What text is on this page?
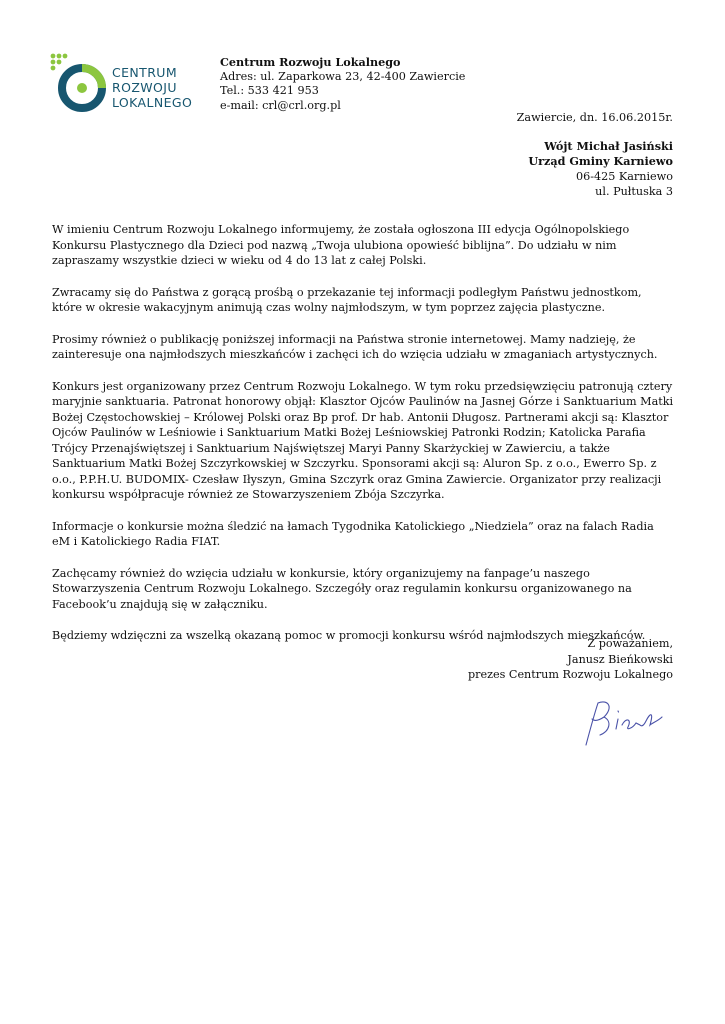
CENTRUM
ROZWOJU
LOKALNEGO
Centrum Rozwoju Lokalnego
Adres: ul. Zaparkowa 23, 42-400 Zawiercie
Tel.: 533 421 953
e-mail: crl@crl.org.pl
Zawiercie, dn. 16.06.2015r.
Wójt Michał Jasiński
Urząd Gminy Karniewo
06-425 Karniewo
ul. Pułtuska 3

W imieniu Centrum Rozwoju Lokalnego informujemy, że została ogłoszona III edycja Ogólnopolskiego Konkursu Plastycznego dla Dzieci pod nazwą „Twoja ulubiona opowieść biblijna”. Do udziału w nim zapraszamy wszystkie dzieci w wieku od 4 do 13 lat z całej Polski.

Zwracamy się do Państwa z gorącą prośbą o przekazanie tej informacji podległym Państwu jednostkom, które w okresie wakacyjnym animują czas wolny najmłodszym, w tym poprzez zajęcia plastyczne.

Prosimy również o publikację poniższej informacji na Państwa stronie internetowej. Mamy nadzieję, że zainteresuje ona najmłodszych mieszkańców i zachęci ich do wzięcia udziału w zmaganiach artystycznych.

Konkurs jest organizowany przez Centrum Rozwoju Lokalnego. W tym roku przedsięwzięciu patronują cztery maryjnie sanktuaria. Patronat honorowy objął: Klasztor Ojców Paulinów na Jasnej Górze i Sanktuarium Matki Bożej Częstochowskiej – Królowej Polski oraz Bp prof. Dr hab. Antonii Długosz. Partnerami akcji są: Klasztor Ojców Paulinów w Leśniowie i Sanktuarium Matki Bożej Leśniowskiej Patronki Rodzin; Katolicka Parafia Trójcy Przenajświętszej i Sanktuarium Najświętszej Maryi Panny Skarżyckiej w Zawierciu, a także Sanktuarium Matki Bożej Szczyrkowskiej w Szczyrku. Sponsorami akcji są: Aluron Sp. z o.o., Ewerro Sp. z o.o., P.P.H.U. BUDOMIX- Czesław Iłyszyn, Gmina Szczyrk oraz Gmina Zawiercie. Organizator przy realizacji konkursu współpracuje również ze Stowarzyszeniem Zbója Szczyrka.

Informacje o konkursie można śledzić na łamach Tygodnika Katolickiego „Niedziela” oraz na falach Radia eM i Katolickiego Radia FIAT.

Zachęcamy również do wzięcia udziału w konkursie, który organizujemy na fanpage’u naszego Stowarzyszenia Centrum Rozwoju Lokalnego. Szczegóły oraz regulamin konkursu organizowanego na Facebook’u znajdują się w załączniku.

Będziemy wdzięczni za wszelką okazaną pomoc w promocji konkursu wśród najmłodszych mieszkańców.

Z poważaniem,
Janusz Bieńkowski
prezes Centrum Rozwoju Lokalnego
